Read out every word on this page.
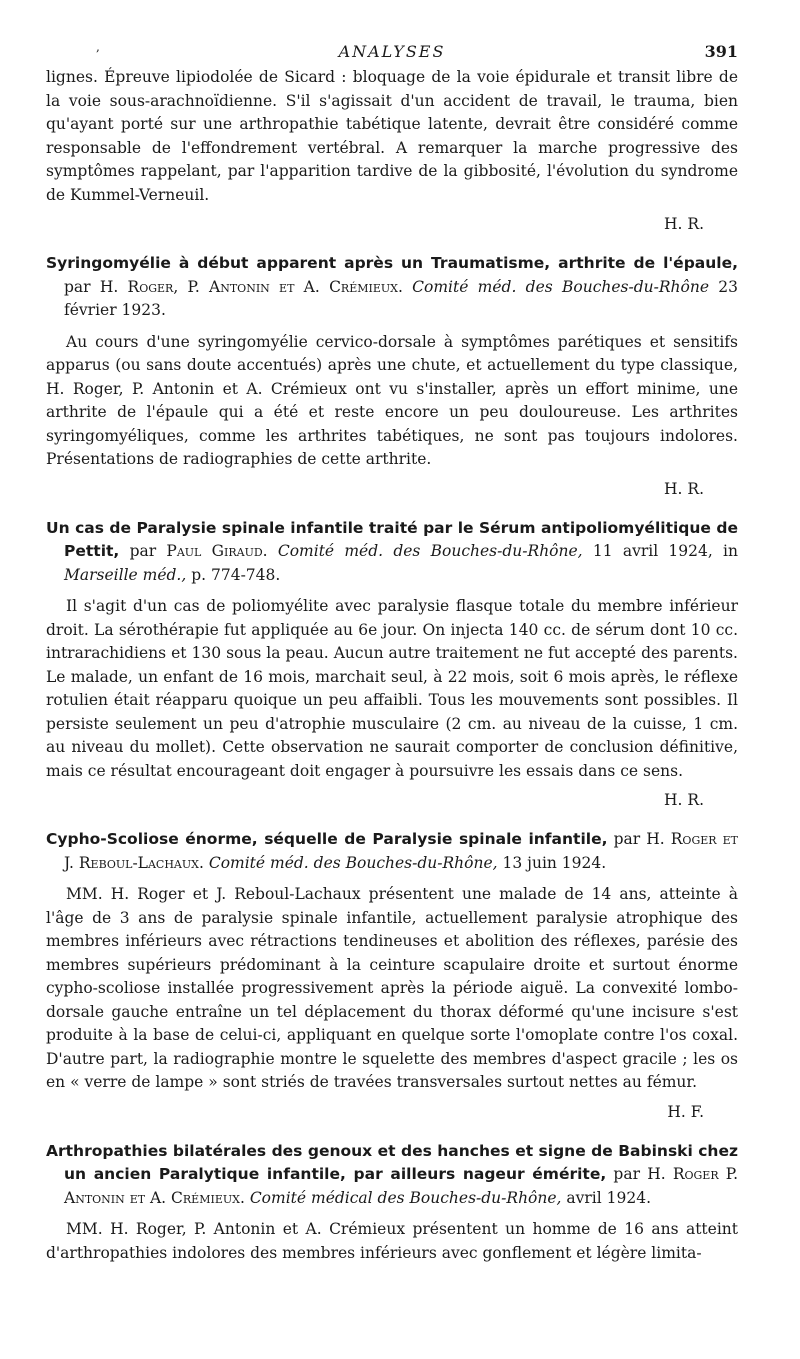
,	ANALYSES	391

lignes. Épreuve lipiodolée de Sicard : bloquage de la voie épidurale et transit libre de la voie sous-arachnoïdienne. S'il s'agissait d'un accident de travail, le trauma, bien qu'ayant porté sur une arthropathie tabétique latente, devrait être considéré comme responsable de l'effondrement vertébral. A remarquer la marche progressive des symptômes rappelant, par l'apparition tardive de la gibbosité, l'évolution du syndrome de Kummel-Verneuil.

H. R.

Syringomyélie à début apparent après un Traumatisme, arthrite de l'épaule, par H. Roger, P. Antonin et A. Crémieux. Comité méd. des Bouches-du-Rhône 23 février 1923.

Au cours d'une syringomyélie cervico-dorsale à symptômes parétiques et sensitifs apparus (ou sans doute accentués) après une chute, et actuellement du type classique, H. Roger, P. Antonin et A. Crémieux ont vu s'installer, après un effort minime, une arthrite de l'épaule qui a été et reste encore un peu douloureuse. Les arthrites syringomyéliques, comme les arthrites tabétiques, ne sont pas toujours indolores. Présentations de radiographies de cette arthrite.

H. R.

Un cas de Paralysie spinale infantile traité par le Sérum antipoliomyélitique de Pettit, par Paul Giraud. Comité méd. des Bouches-du-Rhône, 11 avril 1924, in Marseille méd., p. 774-748.

Il s'agit d'un cas de poliomyélite avec paralysie flasque totale du membre inférieur droit. La sérothérapie fut appliquée au 6e jour. On injecta 140 cc. de sérum dont 10 cc. intrarachidiens et 130 sous la peau. Aucun autre traitement ne fut accepté des parents. Le malade, un enfant de 16 mois, marchait seul, à 22 mois, soit 6 mois après, le réflexe rotulien était réapparu quoique un peu affaibli. Tous les mouvements sont possibles. Il persiste seulement un peu d'atrophie musculaire (2 cm. au niveau de la cuisse, 1 cm. au niveau du mollet). Cette observation ne saurait comporter de conclusion définitive, mais ce résultat encourageant doit engager à poursuivre les essais dans ce sens.

H. R.

Cypho-Scoliose énorme, séquelle de Paralysie spinale infantile, par H. Roger et J. Reboul-Lachaux. Comité méd. des Bouches-du-Rhône, 13 juin 1924.

MM. H. Roger et J. Reboul-Lachaux présentent une malade de 14 ans, atteinte à l'âge de 3 ans de paralysie spinale infantile, actuellement paralysie atrophique des membres inférieurs avec rétractions tendineuses et abolition des réflexes, parésie des membres supérieurs prédominant à la ceinture scapulaire droite et surtout énorme cypho-scoliose installée progressivement après la période aiguë. La convexité lombo-dorsale gauche entraîne un tel déplacement du thorax déformé qu'une incisure s'est produite à la base de celui-ci, appliquant en quelque sorte l'omoplate contre l'os coxal. D'autre part, la radiographie montre le squelette des membres d'aspect gracile ; les os en « verre de lampe » sont striés de travées transversales surtout nettes au fémur.

H. F.

Arthropathies bilatérales des genoux et des hanches et signe de Babinski chez un ancien Paralytique infantile, par ailleurs nageur émérite, par H. Roger P. Antonin et A. Crémieux. Comité médical des Bouches-du-Rhône, avril 1924.

MM. H. Roger, P. Antonin et A. Crémieux présentent un homme de 16 ans atteint d'arthropathies indolores des membres inférieurs avec gonflement et légère limita-
